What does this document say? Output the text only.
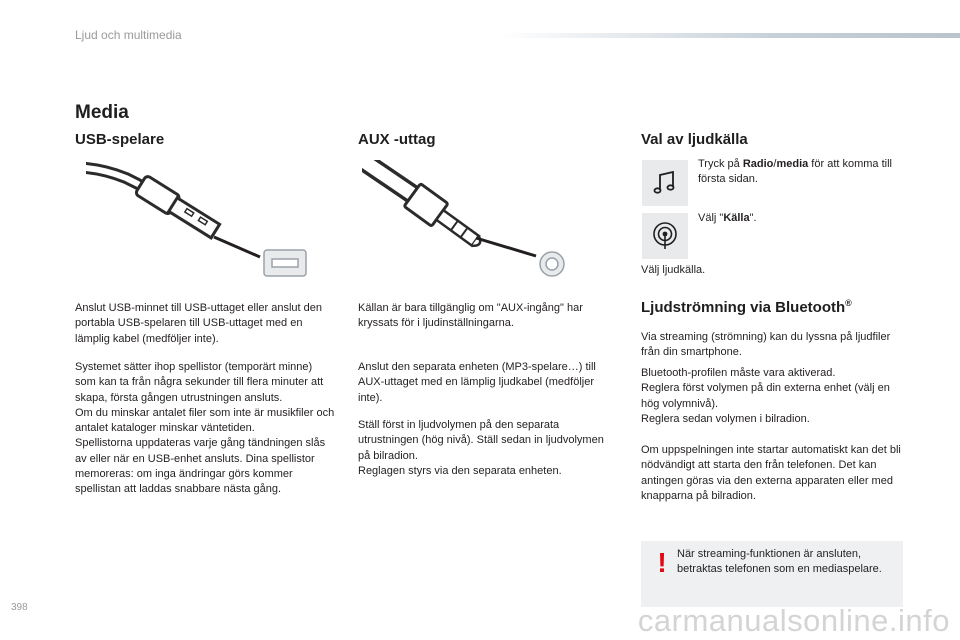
Ljud och multimedia
Media
USB-spelare
Anslut USB-minnet till USB-uttaget eller anslut den portabla USB-spelaren till USB-uttaget med en lämplig kabel (medföljer inte).
Systemet sätter ihop spellistor (temporärt minne) som kan ta från några sekunder till flera minuter att skapa, första gången utrustningen ansluts.
Om du minskar antalet filer som inte är musikfiler och antalet kataloger minskar väntetiden.
Spellistorna uppdateras varje gång tändningen slås av eller när en USB-enhet ansluts. Dina spellistor memoreras: om inga ändringar görs kommer spellistan att laddas snabbare nästa gång.
AUX -uttag
Källan är bara tillgänglig om "AUX-ingång" har kryssats för i ljudinställningarna.
Anslut den separata enheten (MP3-spelare…) till AUX-uttaget med en lämplig ljudkabel (medföljer inte).
Ställ först in ljudvolymen på den separata utrustningen (hög nivå). Ställ sedan in ljudvolymen på bilradion.
Reglagen styrs via den separata enheten.
Val av ljudkälla
Tryck på Radio/media för att komma till första sidan.
Välj "Källa".
Välj ljudkälla.
Ljudströmning via Bluetooth®
Via streaming (strömning) kan du lyssna på ljudfiler från din smartphone.
Bluetooth-profilen måste vara aktiverad.
Reglera först volymen på din externa enhet (välj en hög volymnivå).
Reglera sedan volymen i bilradion.
Om uppspelningen inte startar automatiskt kan det bli nödvändigt att starta den från telefonen. Det kan antingen göras via den externa apparaten eller med knapparna på bilradion.
! När streaming-funktionen är ansluten, betraktas telefonen som en mediaspelare.
398	carmanualsonline.info
